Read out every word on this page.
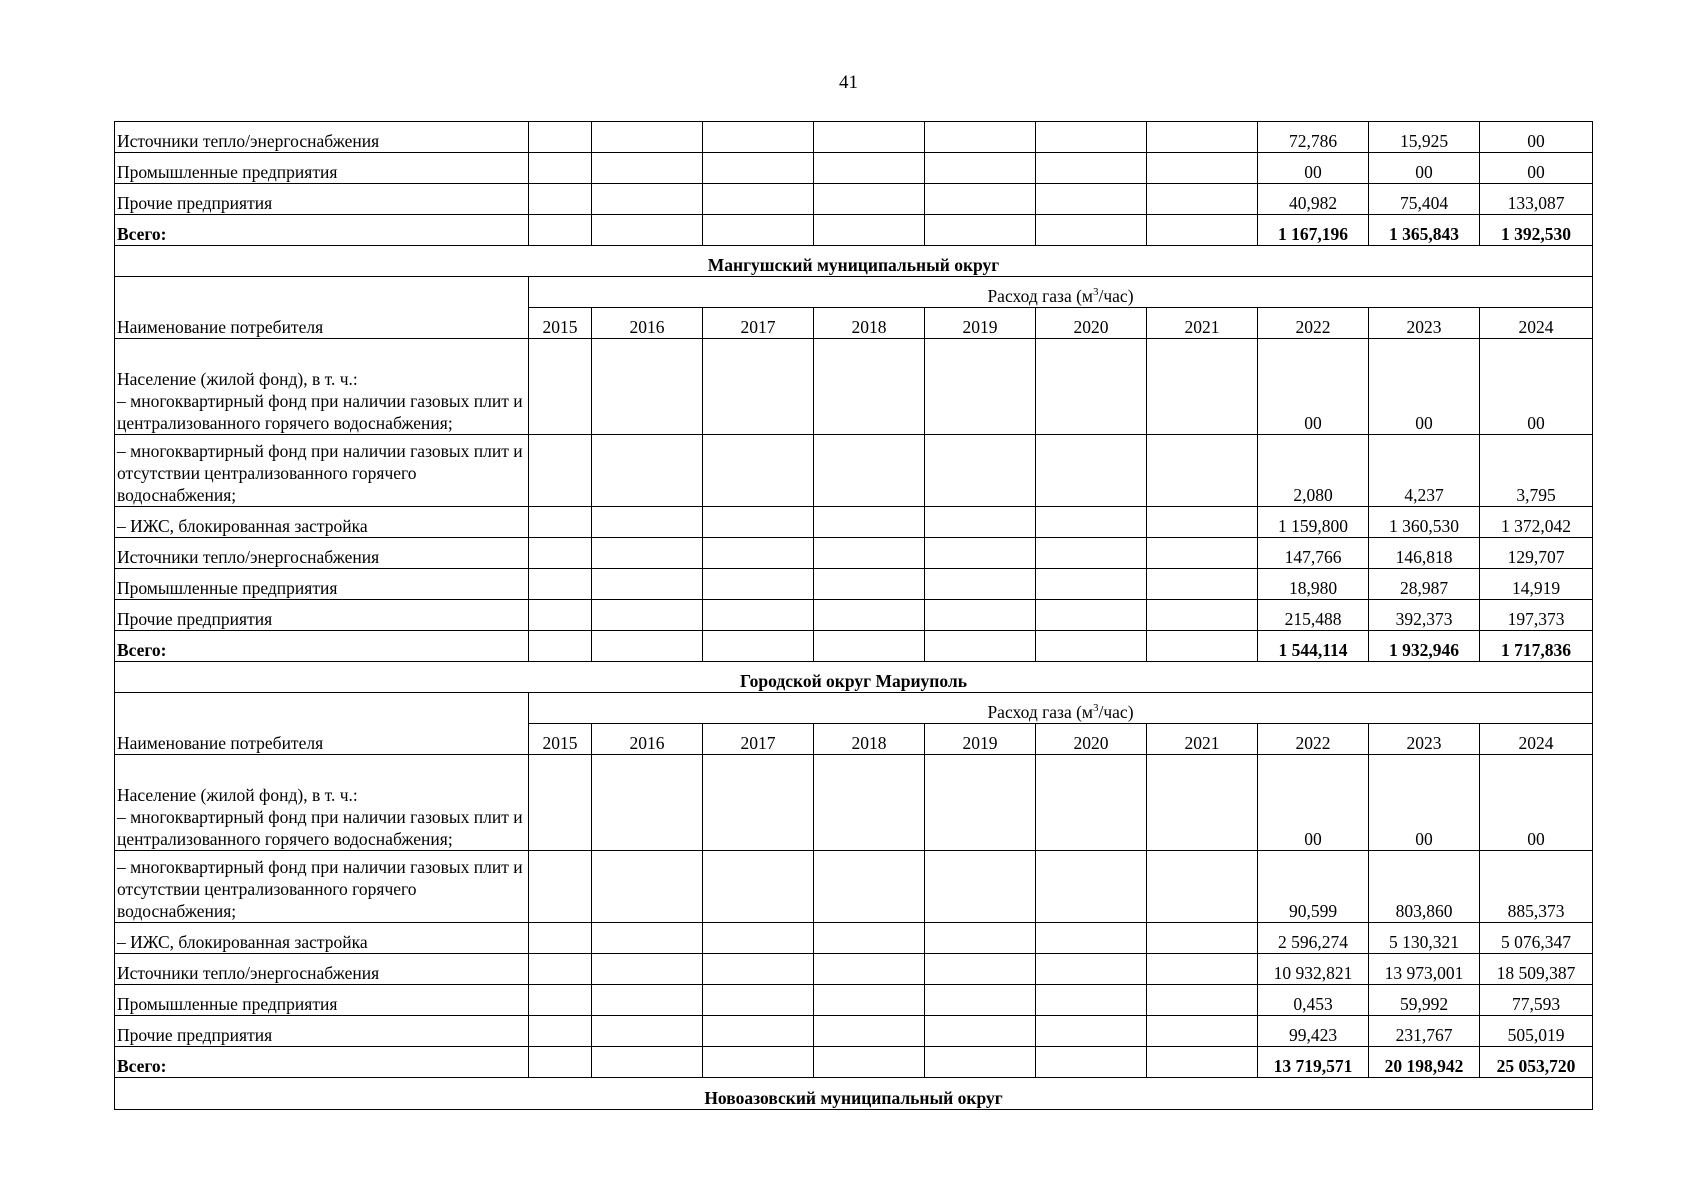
41
Источники тепло/энергоснабжения								72,786	15,925	00
Промышленные предприятия								00	00	00
Прочие предприятия								40,982	75,404	133,087
Всего:								1 167,196	1 365,843	1 392,530
Мангушский муниципальный округ										
Наименование потребителя	Расход газа $(м^3/час)$									
	2015	2016	2017	2018	2019	2020	2021	2022	2023	2024
Население (жилой фонд), в т. ч.:
– многоквартирный фонд при наличии газовых плит и централизованного горячего водоснабжения;								00	00	00
– многоквартирный фонд при наличии газовых плит и отсутствии централизованного горячего водоснабжения;								2,080	4,237	3,795
– ИЖС, блокированная застройка								1 159,800	1 360,530	1 372,042
Источники тепло/энергоснабжения								147,766	146,818	129,707
Промышленные предприятия								18,980	28,987	14,919
Прочие предприятия								215,488	392,373	197,373
Всего:								1 544,114	1 932,946	1 717,836
Городской округ Мариуполь										
Наименование потребителя	Расход газа $(м^3/час)$									
	2015	2016	2017	2018	2019	2020	2021	2022	2023	2024
Население (жилой фонд), в т. ч.:
– многоквартирный фонд при наличии газовых плит и централизованного горячего водоснабжения;								00	00	00
– многоквартирный фонд при наличии газовых плит и отсутствии централизованного горячего водоснабжения;								90,599	803,860	885,373
– ИЖС, блокированная застройка								2 596,274	5 130,321	5 076,347
Источники тепло/энергоснабжения								10 932,821	13 973,001	18 509,387
Промышленные предприятия								0,453	59,992	77,593
Прочие предприятия								99,423	231,767	505,019
Всего:								13 719,571	20 198,942	25 053,720
Новоазовский муниципальный округ										
